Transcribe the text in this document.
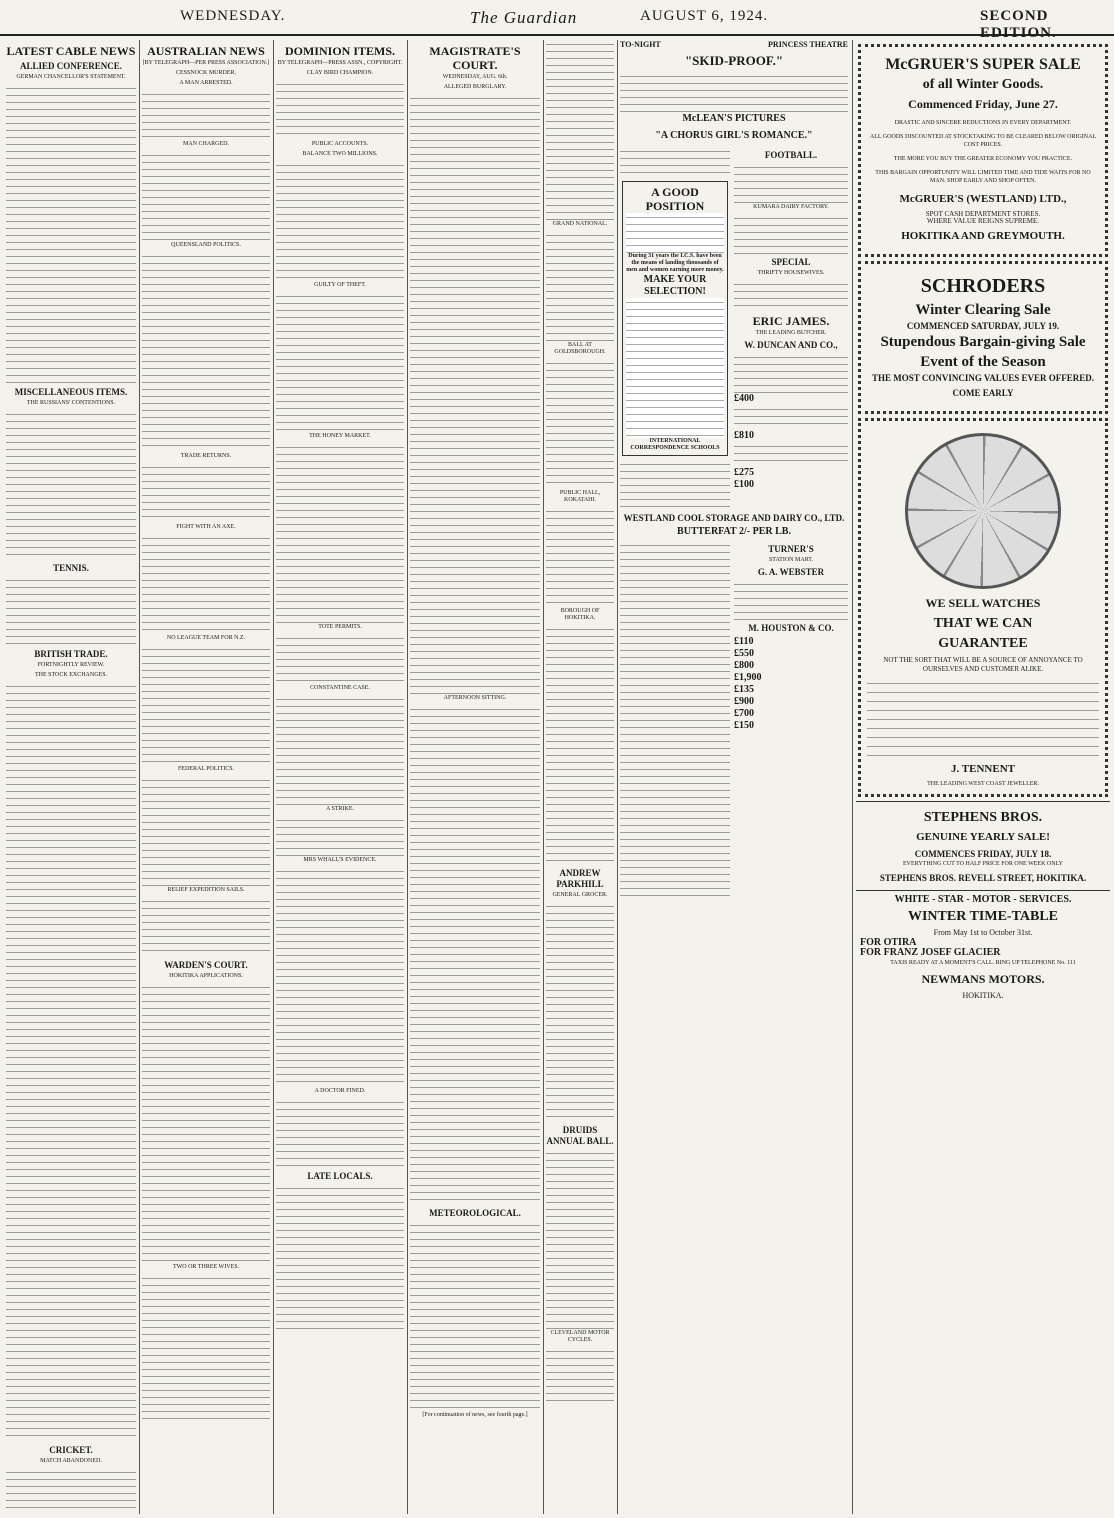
WEDNESDAY.	The Guardian	AUGUST 6, 1924.	SECOND EDITION.
LATEST CABLE NEWS
ALLIED CONFERENCE.
GERMAN CHANCELLOR'S STATEMENT.
MISCELLANEOUS ITEMS.
THE RUSSIANS' CONTENTIONS.
TENNIS.
BRITISH TRADE.
FORTNIGHTLY REVIEW.
THE STOCK EXCHANGES.
CRICKET.
MATCH ABANDONED.
AUSTRALIAN NEWS
[BY TELEGRAPH—PER PRESS ASSOCIATION.]
CESSNOCK MURDER.
A MAN ARRESTED.
MAN CHARGED.
QUEENSLAND POLITICS.
TRADE RETURNS.
FIGHT WITH AN AXE.
NO LEAGUE TEAM FOR N.Z.
FEDERAL POLITICS.
RELIEF EXPEDITION SAILS.
WARDEN'S COURT.
HOKITIKA APPLICATIONS.
TWO OR THREE WIVES.
DOMINION ITEMS.
BY TELEGRAPH—PRESS ASSN., COPYRIGHT.
CLAY BIRD CHAMPION.
PUBLIC ACCOUNTS.
BALANCE TWO MILLIONS.
GUILTY OF THEFT.
THE HONEY MARKET.
TOTE PERMITS.
CONSTANTINE CASE.
A STRIKE.
MRS WHALL'S EVIDENCE.
A DOCTOR FINED.
LATE LOCALS.
MAGISTRATE'S COURT.
WEDNESDAY, AUG. 6th.
ALLEGED BURGLARY.
AFTERNOON SITTING.
METEOROLOGICAL.
[For continuation of news, see fourth page.]
GRAND NATIONAL.
BALL AT GOLDSBOROUGH.
PUBLIC HALL, KOKATAHI.
BOROUGH OF HOKITIKA.
ANDREW PARKHILL
GENERAL GROCER.
DRUIDS ANNUAL BALL.
CLEVELAND MOTOR CYCLES.
TO-NIGHT	PRINCESS THEATRE
"SKID-PROOF."
McLEAN'S PICTURES
"A CHORUS GIRL'S ROMANCE."
A GOOD POSITION
During 31 years the I.C.S. have been the means of landing thousands of men and women earning more money.
MAKE YOUR SELECTION!
INTERNATIONAL CORRESPONDENCE SCHOOLS
FOOTBALL.
KUMARA DAIRY FACTORY.
SPECIAL
THRIFTY HOUSEWIVES.
ERIC JAMES.
THE LEADING BUTCHER.
W. DUNCAN AND CO.,
£400
£810
£275
£100
WESTLAND COOL STORAGE AND DAIRY CO., LTD.
BUTTERFAT 2/- PER LB.
TURNER'S
STATION MART.
G. A. WEBSTER
M. HOUSTON & CO.
£110
£550
£800
£1,900
£135
£900
£700
£150
McGRUER'S SUPER SALE
of all Winter Goods.
Commenced Friday, June 27.
DRASTIC AND SINCERE REDUCTIONS IN EVERY DEPARTMENT.
ALL GOODS DISCOUNTED AT STOCKTAKING TO BE CLEARED BELOW ORIGINAL COST PRICES.
THE MORE YOU BUY THE GREATER ECONOMY YOU PRACTICE.
THIS BARGAIN OPPORTUNITY WILL LIMITED TIME AND TIDE WAITS FOR NO MAN. SHOP EARLY AND SHOP OFTEN.
McGRUER'S (WESTLAND) LTD.,
SPOT CASH DEPARTMENT STORES.
WHERE VALUE REIGNS SUPREME.
HOKITIKA AND GREYMOUTH.
SCHRODERS
Winter Clearing Sale
COMMENCED SATURDAY, JULY 19.
Stupendous Bargain-giving Sale
Event of the Season
THE MOST CONVINCING VALUES EVER OFFERED.
COME EARLY
WE SELL WATCHES
THAT WE CAN
GUARANTEE
NOT THE SORT THAT WILL BE A SOURCE OF ANNOYANCE TO OURSELVES AND CUSTOMER ALIKE.
J. TENNENT
THE LEADING WEST COAST JEWELLER.
STEPHENS BROS.
GENUINE YEARLY SALE!
COMMENCES FRIDAY, JULY 18.
EVERYTHING CUT TO HALF PRICE FOR ONE WEEK ONLY
STEPHENS BROS. REVELL STREET, HOKITIKA.
WHITE - STAR - MOTOR - SERVICES.
WINTER TIME-TABLE
From May 1st to October 31st.
FOR OTIRA
FOR FRANZ JOSEF GLACIER
TAXIS READY AT A MOMENT'S CALL. RING UP TELEPHONE No. 111
NEWMANS MOTORS.
HOKITIKA.
